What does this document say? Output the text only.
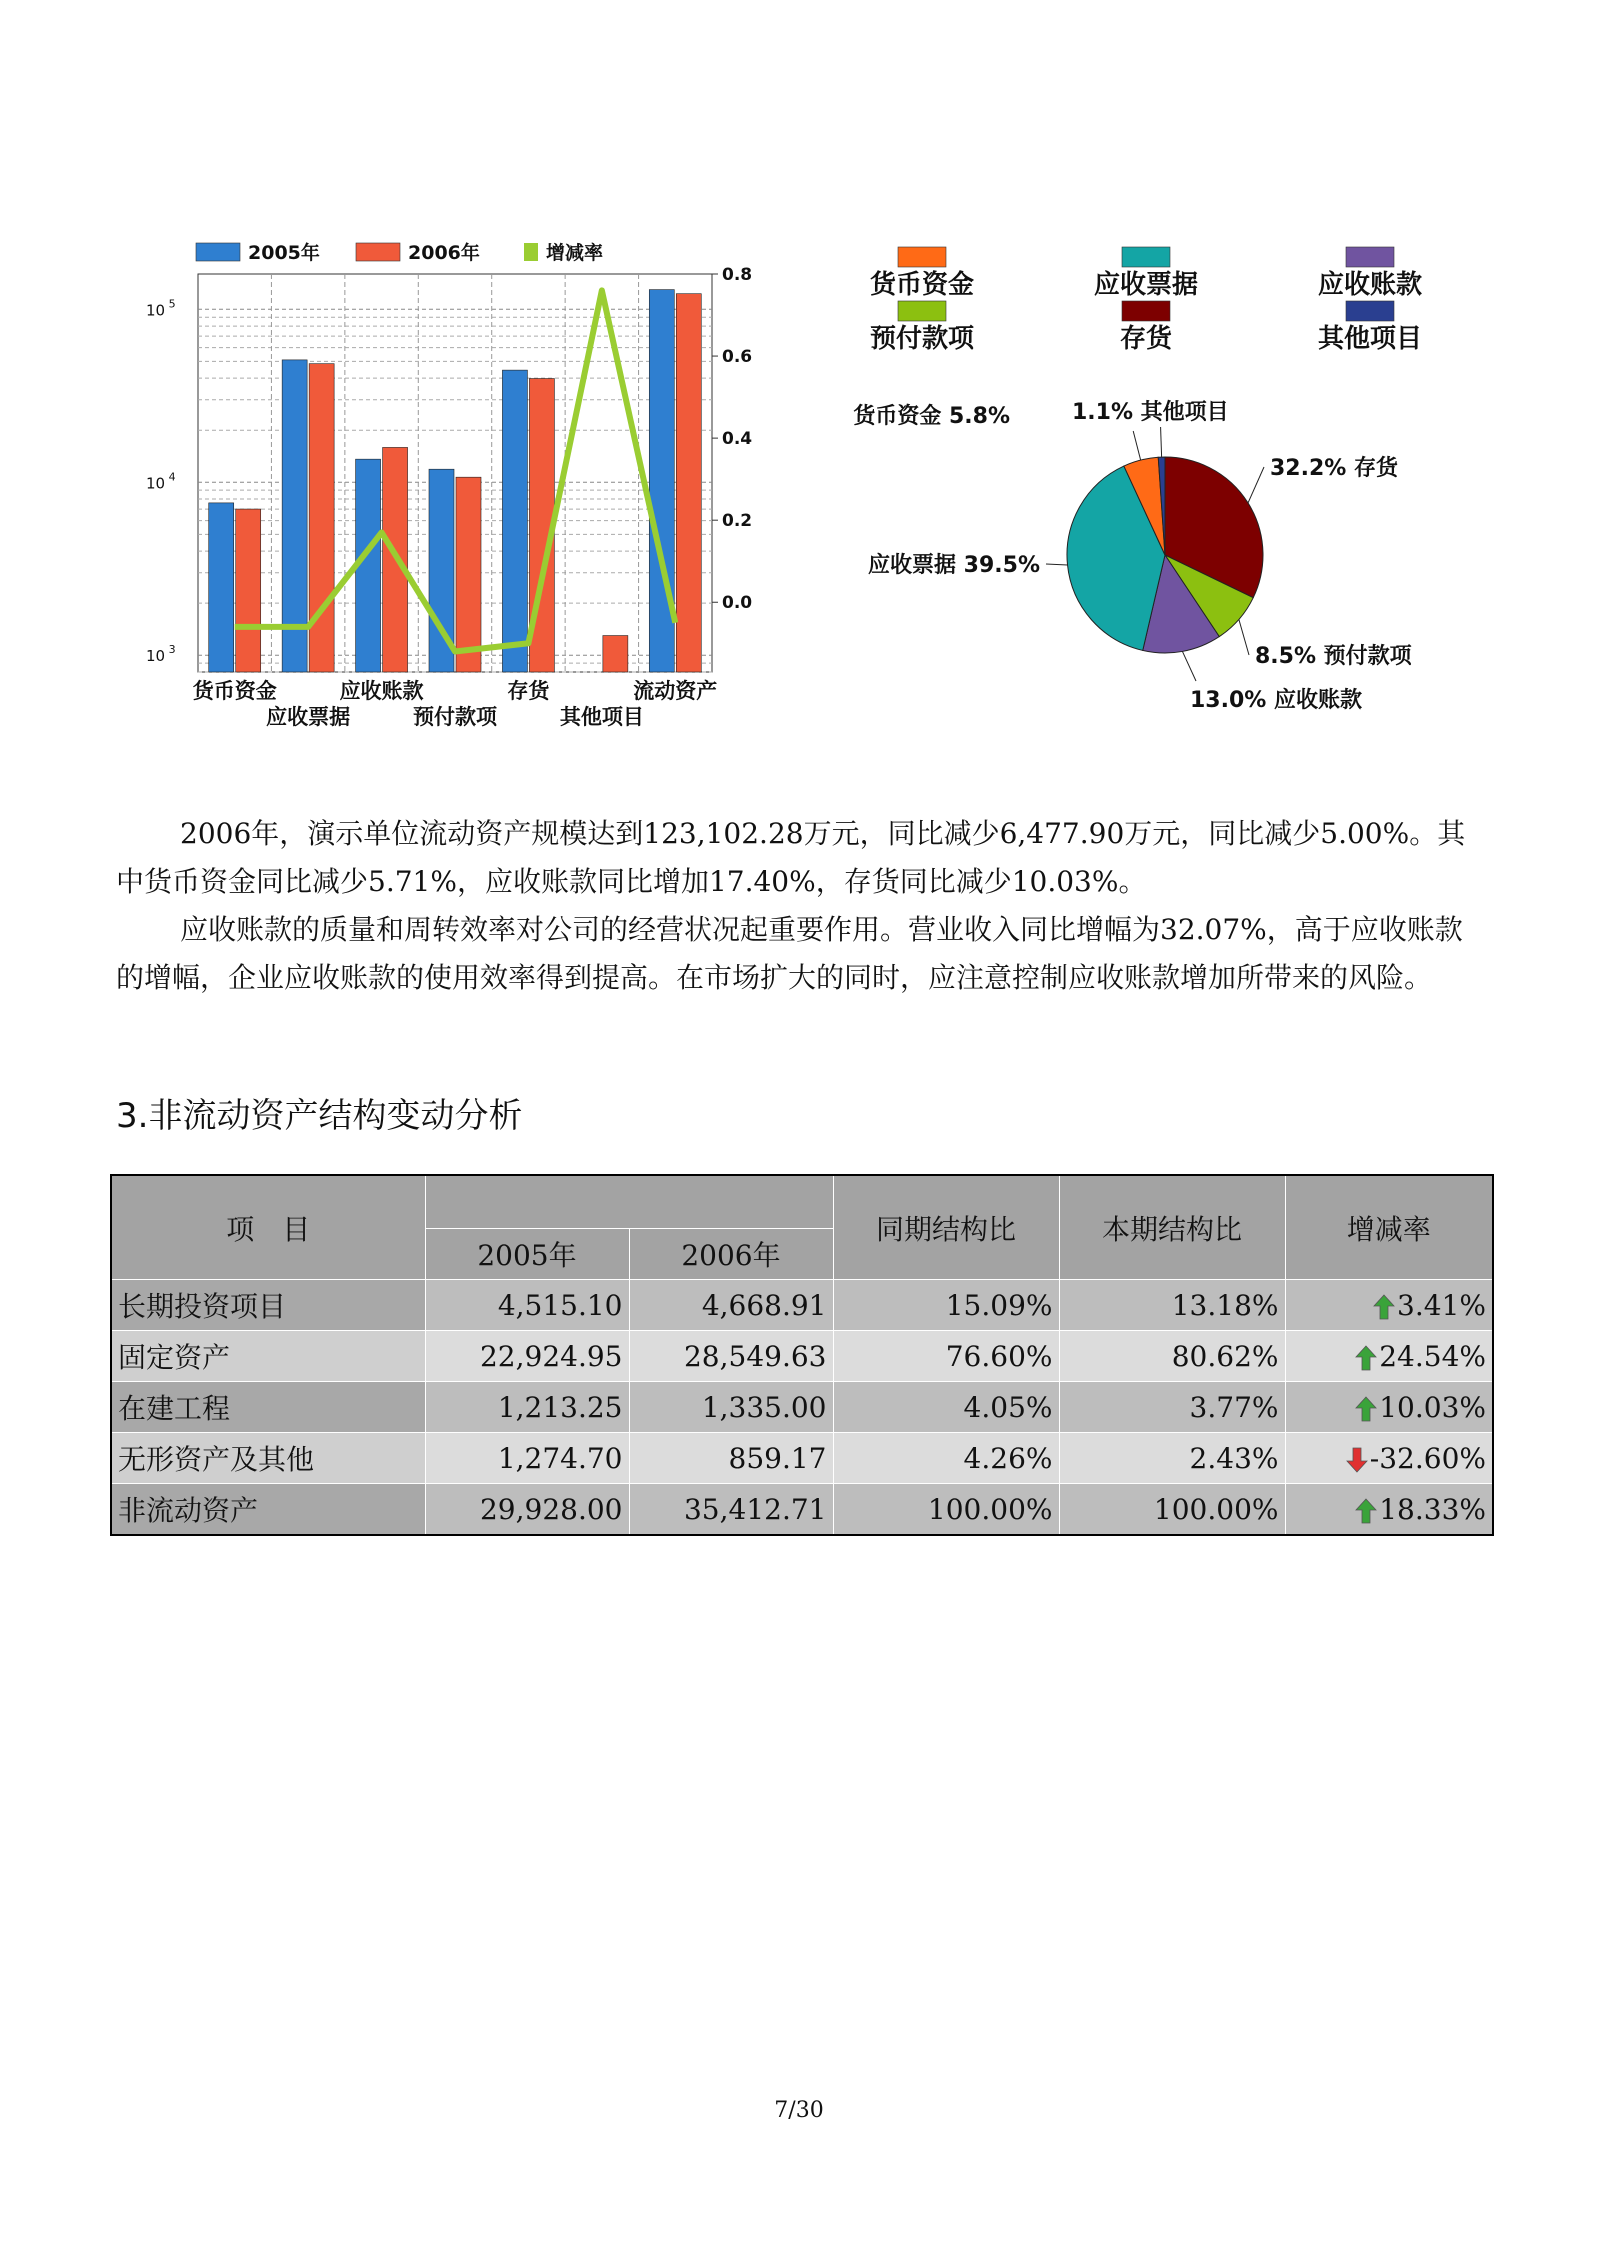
10 $^5$
10 $^4$
10 $^3$
0.8
0.6
0.4
0.2
0.0
货币资金
应收票据
应收账款
预付款项
存货
其他项目
流动资产
2005年	2006年	增减率
货币资金	应收票据	应收账款
预付款项	存货	其他项目
32.2% 存货
8.5% 预付款项
13.0% 应收账款
应收票据 39.5%
货币资金 5.8%	1.1% 其他项目

2006年，演示单位流动资产规模达到123,102.28万元，同比减少6,477.90万元，同比减少5.00%。其中货币资金同比减少5.71%，应收账款同比增加17.40%，存货同比减少10.03%。

应收账款的质量和周转效率对公司的经营状况起重要作用。营业收入同比增幅为32.07%，高于应收账款的增幅，企业应收账款的使用效率得到提高。在市场扩大的同时，应注意控制应收账款增加所带来的风险。

3.非流动资产结构变动分析
项　目			同期结构比	本期结构比	增减率
	2005年	2006年			
长期投资项目	4,515.10	4,668.91	15.09%	13.18%	3.41%
固定资产	22,924.95	28,549.63	76.60%	80.62%	24.54%
在建工程	1,213.25	1,335.00	4.05%	3.77%	10.03%
无形资产及其他	1,274.70	859.17	4.26%	2.43%	-32.60%
非流动资产	29,928.00	35,412.71	100.00%	100.00%	18.33%
7/30
